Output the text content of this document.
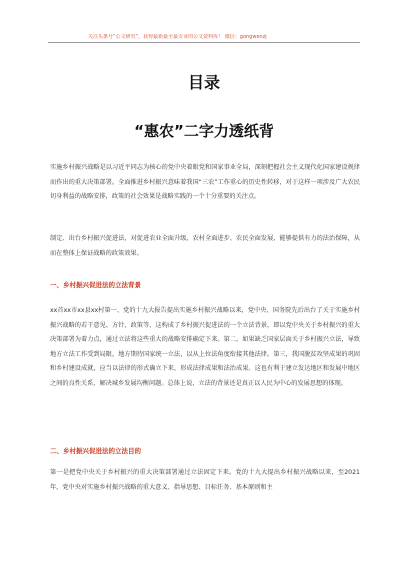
关注头条号“公文研究”，获得最新最全最专业的公文资料库！ 微信：gongwenzj
目录
“惠农”二字力透纸背
实施乡村振兴战略是以习近平同志为核心的党中央着眼党和国家事业全局，深刻把握社会主义现代化国家建设规律而作出的重大决策部署。全面推进乡村振兴意味着我国“三农”工作重心的历史性转移，对于这样一项涉及广大农民切身利益的战略安排，政策的社会效果是战略实践的一个十分重要的关注点。
制定、出台乡村振兴促进法，对促进农业全面升级、农村全面进步、农民全面发展，能够提供有力的法治保障，从而在整体上保证战略的政策效果。
一、乡村振兴促进法的立法背景
xx首xx市xx县xx村第一、党的十九大报告提出实施乡村振兴战略以来，党中央、国务院先后出台了关于实施乡村振兴战略的若干意见、方针、政策等，这构成了乡村振兴促进法的一个立法背景，即以党中央关于乡村振兴的重大决策部署为着力点，通过立法将这些重大的战略安排确定下来。第二，如果缺乏国家层面关于乡村振兴立法，导致地方立法工作受到局限，地方期待国家统一立法，以从上位法角度衔接其他法律。第三，我国脱贫攻坚成果的巩固和乡村建设成就，应当以法律的形式确立下来，形成法律成果和法治成果。这也有利于建立发达地区和发展中地区之间的良性关系，解决城乡发展均衡问题。总体上说，立法的背景还是真正以人民为中心的发展思想的体现。
二、乡村振兴促进法的立法目的
第一是把党中央关于乡村振兴的重大决策部署通过立法固定下来。党的十九大提出乡村振兴战略以来，至2021年，党中央对实施乡村振兴战略的重大意义、指导思想、目标任务、基本原则和主
